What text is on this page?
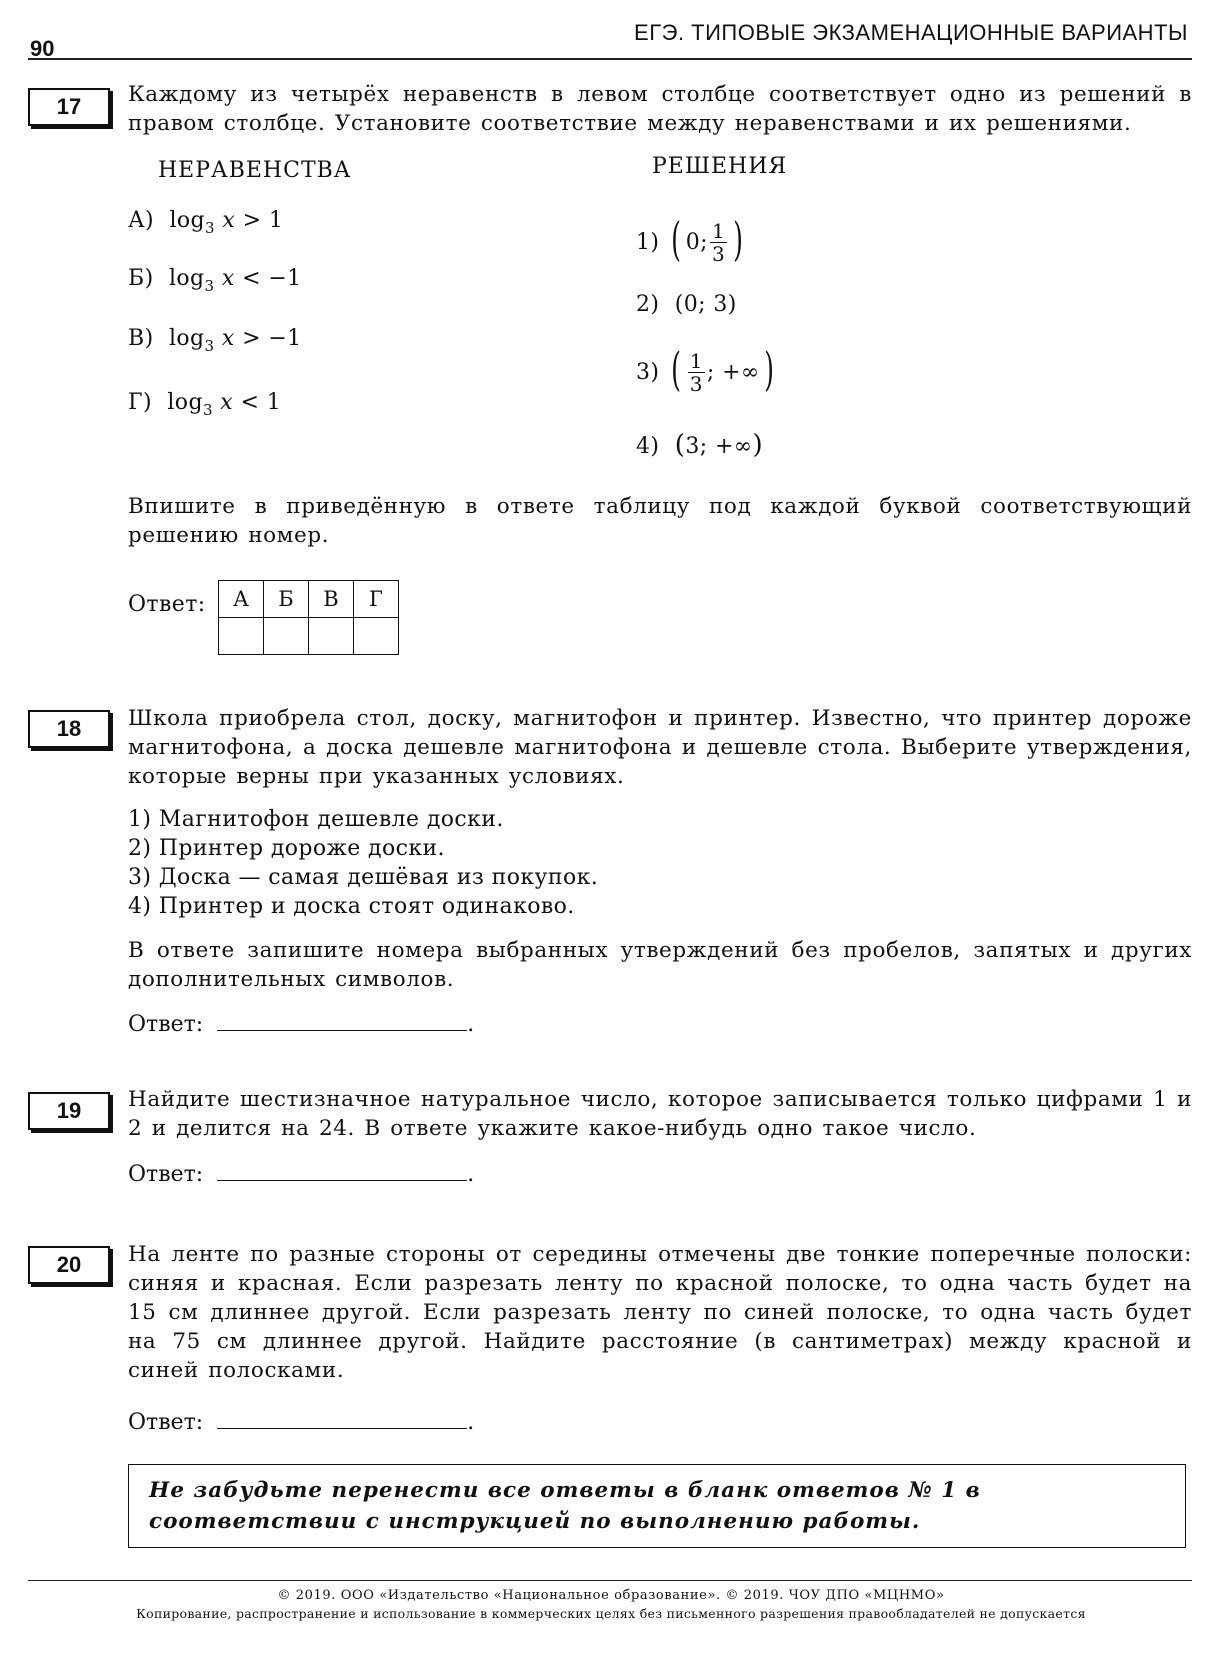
90
ЕГЭ. ТИПОВЫЕ ЭКЗАМЕНАЦИОННЫЕ ВАРИАНТЫ
17	Каждому из четырёх неравенств в левом столбце соответствует одно из решений в правом столбце. Установите соответствие между неравенствами и их решениями.
НЕРАВЕНСТВА	РЕШЕНИЯ
А) $\log_3 x > 1$
Б) $\log_3 x < -1$
В) $\log_3 x > -1$
Г) $\log_3 x < 1$
1) ( 0; $\frac{1}{3}$ )
2) (0; 3)
3) ( $\frac{1}{3}$ ; +∞ )
4) (3; +∞)
Впишите в приведённую в ответе таблицу под каждой буквой соответствующий решению номер.
Ответ: А	Б	В	Г

18	Школа приобрела стол, доску, магнитофон и принтер. Известно, что принтер дороже магнитофона, а доска дешевле магнитофона и дешевле стола. Выберите утверждения, которые верны при указанных условиях.
1) Магнитофон дешевле доски.
2) Принтер дороже доски.
3) Доска — самая дешёвая из покупок.
4) Принтер и доска стоят одинаково.
В ответе запишите номера выбранных утверждений без пробелов, запятых и других дополнительных символов.
Ответ:	.
19	Найдите шестизначное натуральное число, которое записывается только цифрами 1 и 2 и делится на 24. В ответе укажите какое-нибудь одно такое число.
Ответ:	.
20	На ленте по разные стороны от середины отмечены две тонкие поперечные полоски: синяя и красная. Если разрезать ленту по красной полоске, то одна часть будет на 15 см длиннее другой. Если разрезать ленту по синей полоске, то одна часть будет на 75 см длиннее другой. Найдите расстояние (в сантиметрах) между красной и синей полосками.
Ответ:	.
Не забудьте перенести все ответы в бланк ответов № 1 в соответствии с инструкцией по выполнению работы.
© 2019. ООО «Издательство «Национальное образование». © 2019. ЧОУ ДПО «МЦНМО»
Копирование, распространение и использование в коммерческих целях без письменного разрешения правообладателей не допускается
